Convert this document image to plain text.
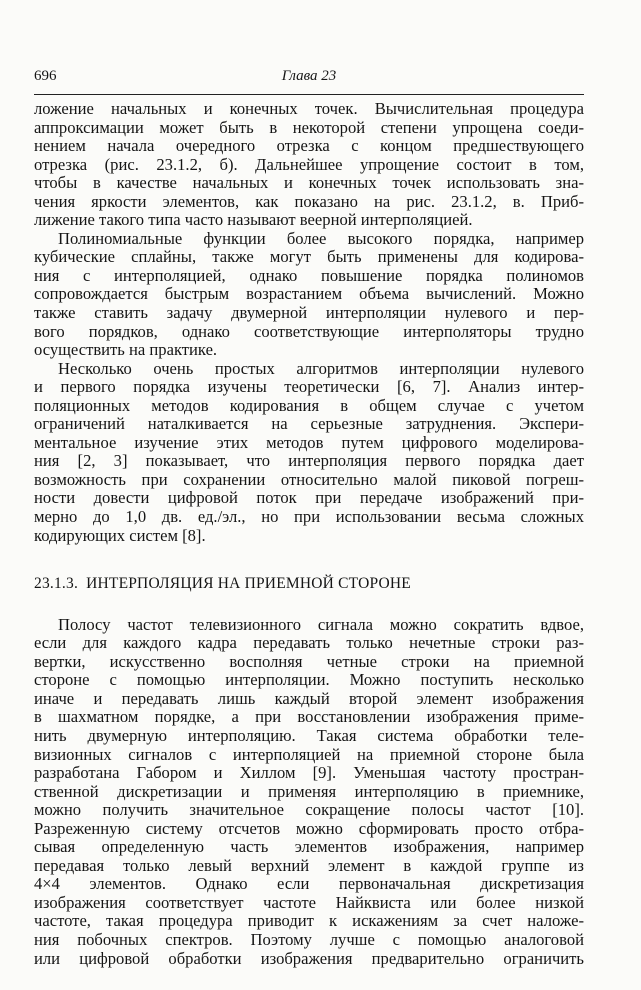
696	Глава 23
ложение начальных и конечных точек. Вычислительная процедура
аппроксимации может быть в некоторой степени упрощена соеди-
нением начала очередного отрезка с концом предшествующего
отрезка (рис. 23.1.2, б). Дальнейшее упрощение состоит в том,
чтобы в качестве начальных и конечных точек использовать зна-
чения яркости элементов, как показано на рис. 23.1.2, в. Приб-
лижение такого типа часто называют веерной интерполяцией.
Полиномиальные функции более высокого порядка, например
кубические сплайны, также могут быть применены для кодирова-
ния с интерполяцией, однако повышение порядка полиномов
сопровождается быстрым возрастанием объема вычислений. Можно
также ставить задачу двумерной интерполяции нулевого и пер-
вого порядков, однако соответствующие интерполяторы трудно
осуществить на практике.
Несколько очень простых алгоритмов интерполяции нулевого
и первого порядка изучены теоретически [6, 7]. Анализ интер-
поляционных методов кодирования в общем случае с учетом
ограничений наталкивается на серьезные затруднения. Экспери-
ментальное изучение этих методов путем цифрового моделирова-
ния [2, 3] показывает, что интерполяция первого порядка дает
возможность при сохранении относительно малой пиковой погреш-
ности довести цифровой поток при передаче изображений при-
мерно до 1,0 дв. ед./эл., но при использовании весьма сложных
кодирующих систем [8].
23.1.3. ИНТЕРПОЛЯЦИЯ НА ПРИЕМНОЙ СТОРОНЕ
Полосу частот телевизионного сигнала можно сократить вдвое,
если для каждого кадра передавать только нечетные строки раз-
вертки, искусственно восполняя четные строки на приемной
стороне с помощью интерполяции. Можно поступить несколько
иначе и передавать лишь каждый второй элемент изображения
в шахматном порядке, а при восстановлении изображения приме-
нить двумерную интерполяцию. Такая система обработки теле-
визионных сигналов с интерполяцией на приемной стороне была
разработана Габором и Хиллом [9]. Уменьшая частоту простран-
ственной дискретизации и применяя интерполяцию в приемнике,
можно получить значительное сокращение полосы частот [10].
Разреженную систему отсчетов можно сформировать просто отбра-
сывая определенную часть элементов изображения, например
передавая только левый верхний элемент в каждой группе из
4×4 элементов. Однако если первоначальная дискретизация
изображения соответствует частоте Найквиста или более низкой
частоте, такая процедура приводит к искажениям за счет наложе-
ния побочных спектров. Поэтому лучше с помощью аналоговой
или цифровой обработки изображения предварительно ограничить
